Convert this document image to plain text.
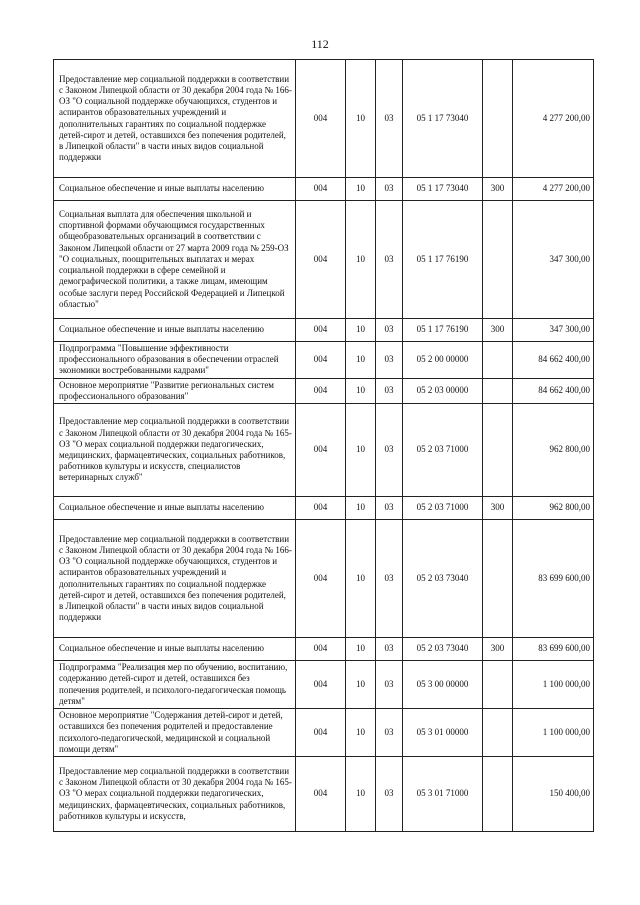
112
Предоставление мер социальной поддержки в соответствии с Законом Липецкой области от 30 декабря 2004 года № 166-ОЗ "О социальной поддержке обучающихся, студентов и аспирантов образовательных учреждений и дополнительных гарантиях по социальной поддержке детей-сирот и детей, оставшихся без попечения родителей, в Липецкой области" в части иных видов социальной поддержки	004	10	03	05 1 17 73040		4 277 200,00
Социальное обеспечение и иные выплаты населению	004	10	03	05 1 17 73040	300	4 277 200,00
Социальная выплата для обеспечения школьной и спортивной формами обучающимся государственных общеобразовательных организаций в соответствии с Законом Липецкой области от 27 марта 2009 года № 259-ОЗ "О социальных, поощрительных выплатах и мерах социальной поддержки в сфере семейной и демографической политики, а также лицам, имеющим особые заслуги перед Российской Федерацией и Липецкой областью"	004	10	03	05 1 17 76190		347 300,00
Социальное обеспечение и иные выплаты населению	004	10	03	05 1 17 76190	300	347 300,00
Подпрограмма "Повышение эффективности профессионального образования в обеспечении отраслей экономики востребованными кадрами"	004	10	03	05 2 00 00000		84 662 400,00
Основное мероприятие "Развитие региональных систем профессионального образования"	004	10	03	05 2 03 00000		84 662 400,00
Предоставление мер социальной поддержки в соответствии с Законом Липецкой области от 30 декабря 2004 года № 165-ОЗ "О мерах социальной поддержки педагогических, медицинских, фармацевтических, социальных работников, работников культуры и искусств, специалистов ветеринарных служб"	004	10	03	05 2 03 71000		962 800,00
Социальное обеспечение и иные выплаты населению	004	10	03	05 2 03 71000	300	962 800,00
Предоставление мер социальной поддержки в соответствии с Законом Липецкой области от 30 декабря 2004 года № 166-ОЗ "О социальной поддержке обучающихся, студентов и аспирантов образовательных учреждений и дополнительных гарантиях по социальной поддержке детей-сирот и детей, оставшихся без попечения родителей, в Липецкой области" в части иных видов социальной поддержки	004	10	03	05 2 03 73040		83 699 600,00
Социальное обеспечение и иные выплаты населению	004	10	03	05 2 03 73040	300	83 699 600,00
Подпрограмма "Реализация мер по обучению, воспитанию, содержанию детей-сирот и детей, оставшихся без попечения родителей, и психолого-педагогическая помощь детям"	004	10	03	05 3 00 00000		1 100 000,00
Основное мероприятие "Содержания детей-сирот и детей, оставшихся без попечения родителей и предоставление психолого-педагогической, медицинской и социальной помощи детям"	004	10	03	05 3 01 00000		1 100 000,00
Предоставление мер социальной поддержки в соответствии с Законом Липецкой области от 30 декабря 2004 года № 165-ОЗ "О мерах социальной поддержки педагогических, медицинских, фармацевтических, социальных работников, работников культуры и искусств,	004	10	03	05 3 01 71000		150 400,00
